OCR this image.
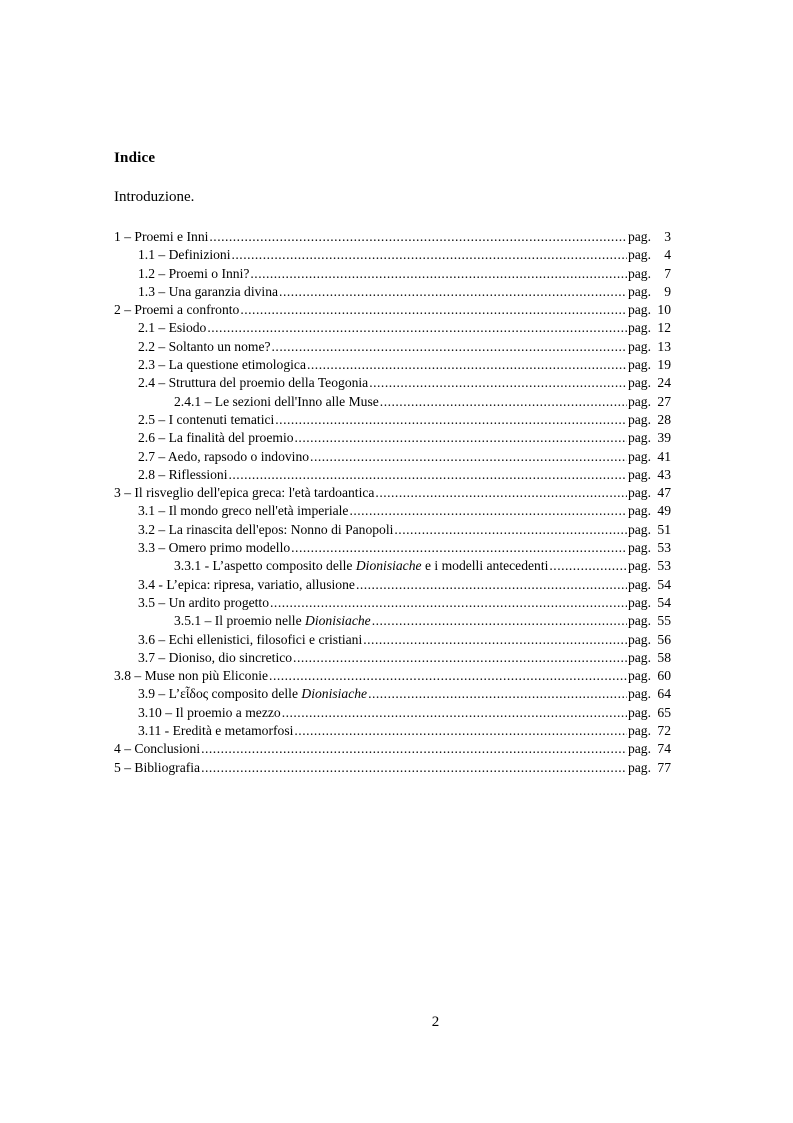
Indice
Introduzione.
1 – Proemi e Inni .....	pag. 3
1.1 – Definizioni .....	pag. 4
1.2 – Proemi o Inni? .....	pag. 7
1.3 – Una garanzia divina .....	pag. 9
2 – Proemi a confronto .....	pag. 10
2.1 – Esiodo .....	pag. 12
2.2 – Soltanto un nome? .....	pag. 13
2.3 – La questione etimologica .....	pag. 19
2.4 – Struttura del proemio della Teogonia .....	pag. 24
2.4.1 – Le sezioni dell'Inno alle Muse .....	pag. 27
2.5 – I contenuti tematici .....	pag. 28
2.6 – La finalità del proemio .....	pag. 39
2.7 – Aedo, rapsodo o indovino .....	pag. 41
2.8 – Riflessioni .....	pag. 43
3 – Il risveglio dell'epica greca: l'età tardoantica .....	pag. 47
3.1 – Il mondo greco nell'età imperiale .....	pag. 49
3.2 – La rinascita dell'epos: Nonno di Panopoli .....	pag. 51
3.3 – Omero primo modello .....	pag. 53
3.3.1 - L’aspetto composito delle Dionisiache e i modelli antecedenti .....	pag. 53
3.4 - L’epica: ripresa, variatio, allusione .....	pag. 54
3.5 – Un ardito progetto .....	pag. 54
3.5.1 – Il proemio nelle Dionisiache .....	pag. 55
3.6 – Echi ellenistici, filosofici e cristiani .....	pag. 56
3.7 – Dioniso, dio sincretico .....	pag. 58
3.8 – Muse non più Eliconie .....	pag. 60
3.9 – L’εἶδος composito delle Dionisiache .....	pag. 64
3.10 – Il proemio a mezzo .....	pag. 65
3.11 - Eredità e metamorfosi .....	pag. 72
4 – Conclusioni .....	pag. 74
5 – Bibliografia .....	pag. 77
2
